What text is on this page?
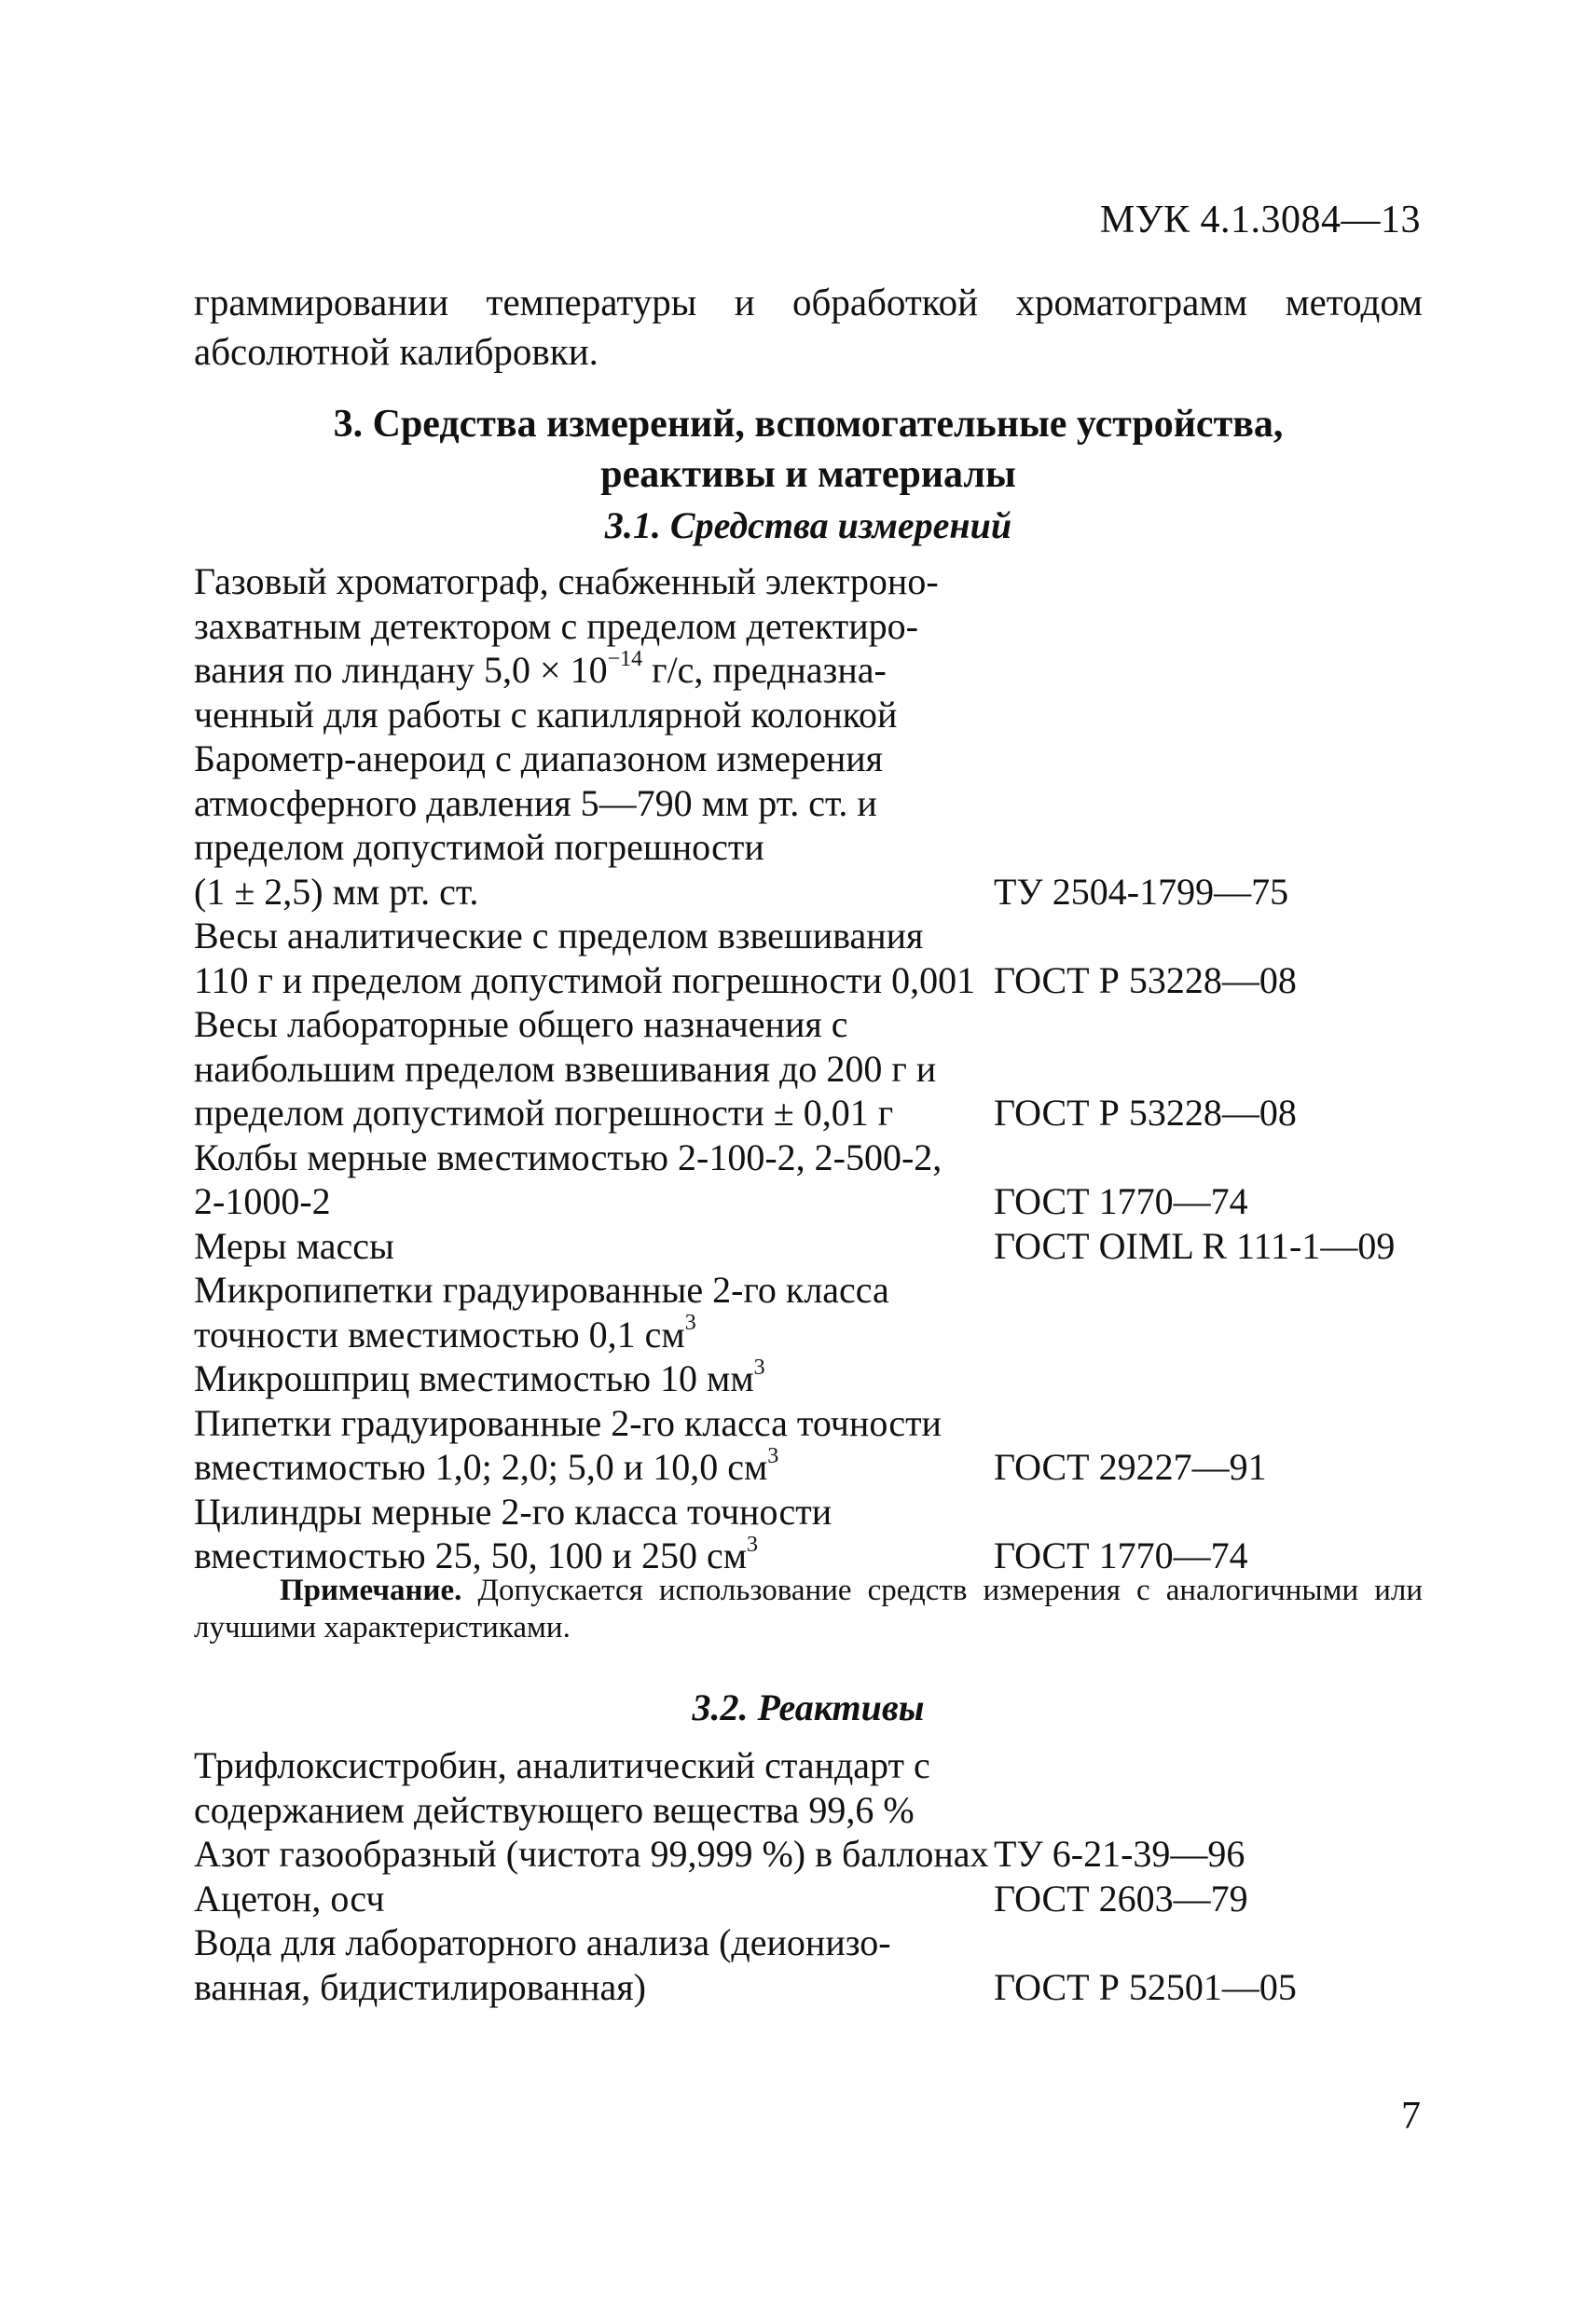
МУК 4.1.3084—13
граммировании температуры и обработкой хроматограмм методом абсолютной калибровки.
3. Средства измерений, вспомогательные устройства,
реактивы и материалы
3.1. Средства измерений
Газовый хроматограф, снабженный электроно-
захватным детектором с пределом детектиро-
вания по линдану $5,0 \times 10^{-14}$ г/с, предназна-
ченный для работы с капиллярной колонкой
Барометр-анероид с диапазоном измерения
атмосферного давления 5—790 мм рт. ст. и
пределом допустимой погрешности
(1 ± 2,5) мм рт. ст.	ТУ 2504-1799—75
Весы аналитические с пределом взвешивания
110 г и пределом допустимой погрешности 0,001 ГОСТ Р 53228—08
Весы лабораторные общего назначения с
наибольшим пределом взвешивания до 200 г и
пределом допустимой погрешности ± 0,01 г	ГОСТ Р 53228—08
Колбы мерные вместимостью 2-100-2, 2-500-2,
2-1000-2	ГОСТ 1770—74
Меры массы	ГОСТ OIML R 111-1—09
Микропипетки градуированные 2-го класса
точности вместимостью 0,1 $см^3$
Микрошприц вместимостью 10 $мм^3$
Пипетки градуированные 2-го класса точности
вместимостью 1,0; 2,0; 5,0 и 10,0 $см^3$	ГОСТ 29227—91
Цилиндры мерные 2-го класса точности
вместимостью 25, 50, 100 и 250 $см^3$	ГОСТ 1770—74
Примечание. Допускается использование средств измерения с аналогичными или лучшими характеристиками.
3.2. Реактивы
Трифлоксистробин, аналитический стандарт с
содержанием действующего вещества 99,6 %
Азот газообразный (чистота 99,999 %) в баллонах ТУ 6-21-39—96
Ацетон, осч	ГОСТ 2603—79
Вода для лабораторного анализа (деионизо-
ванная, бидистилированная)	ГОСТ Р 52501—05
7
